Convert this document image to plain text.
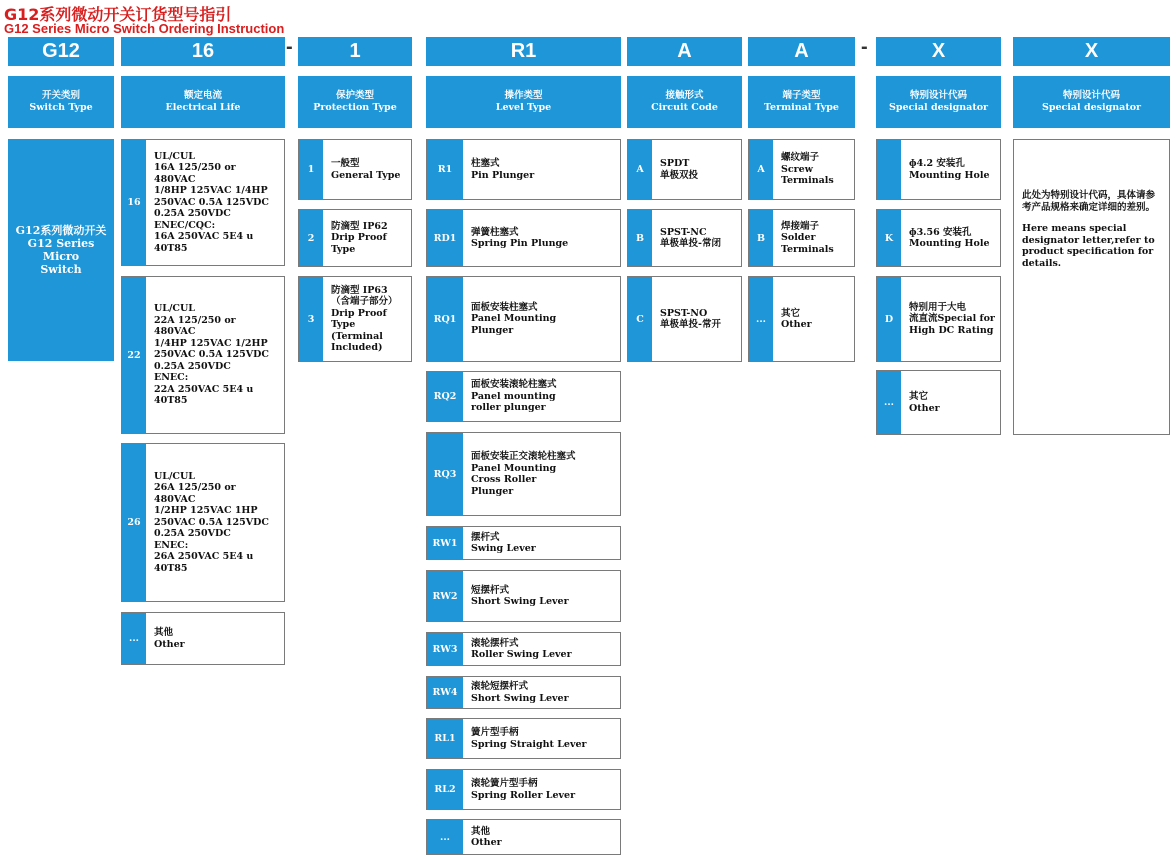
G12系列微动开关订货型号指引
G12 Series Micro Switch Ordering Instruction
G12	16	-	1	R1	A	A	-	X	X
开关类别
Switch Type
额定电流
Electrical Life
保护类型
Protection Type
操作类型
Level Type
接触形式
Circuit Code
端子类型
Terminal Type
特别设计代码
Special designator
特别设计代码
Special designator
G12系列微动开关
G12 Series Micro
Switch
16
UL/CUL
16A 125/250 or 480VAC
1/8HP 125VAC 1/4HP
250VAC 0.5A 125VDC
0.25A 250VDC
ENEC/CQC:
16A 250VAC 5E4 u 40T85
22
UL/CUL
22A 125/250 or 480VAC
1/4HP 125VAC 1/2HP
250VAC 0.5A 125VDC
0.25A 250VDC
ENEC:
22A 250VAC 5E4 u 40T85
26
UL/CUL
26A 125/250 or 480VAC
1/2HP 125VAC 1HP
250VAC 0.5A 125VDC
0.25A 250VDC
ENEC:
26A 250VAC 5E4 u 40T85
...
其他
Other
1
一般型
General Type
2
防滴型 IP62
Drip Proof Type
3
防滴型 IP63
（含端子部分）
Drip Proof Type
(Terminal Included)
R1
柱塞式
Pin Plunger
RD1
弹簧柱塞式
Spring Pin Plunge
RQ1
面板安装柱塞式
Panel Mounting
Plunger
RQ2
面板安装滚轮柱塞式
Panel mounting
roller plunger
RQ3
面板安装正交滚轮柱塞式
Panel Mounting
Cross Roller
Plunger
RW1
摆杆式
Swing Lever
RW2
短摆杆式
Short Swing Lever
RW3
滚轮摆杆式
Roller Swing Lever
RW4
滚轮短摆杆式
Short Swing Lever
RL1
簧片型手柄
Spring Straight Lever
RL2
滚轮簧片型手柄
Spring Roller Lever
...
其他
Other
A
SPDT
单极双投
B
SPST-NC
单极单投-常闭
C
SPST-NO
单极单投-常开
A
螺纹端子
Screw Terminals
B
焊接端子
Solder Terminals
...
其它
Other
ɸ4.2 安装孔
Mounting Hole
K
ɸ3.56 安装孔
Mounting Hole
D
特别用于大电
流直流Special for
High DC Rating
...
其它
Other

此处为特别设计代码，具体请参考产品规格来确定详细的差别。

Here means special designator letter,refer to product specification for details.
